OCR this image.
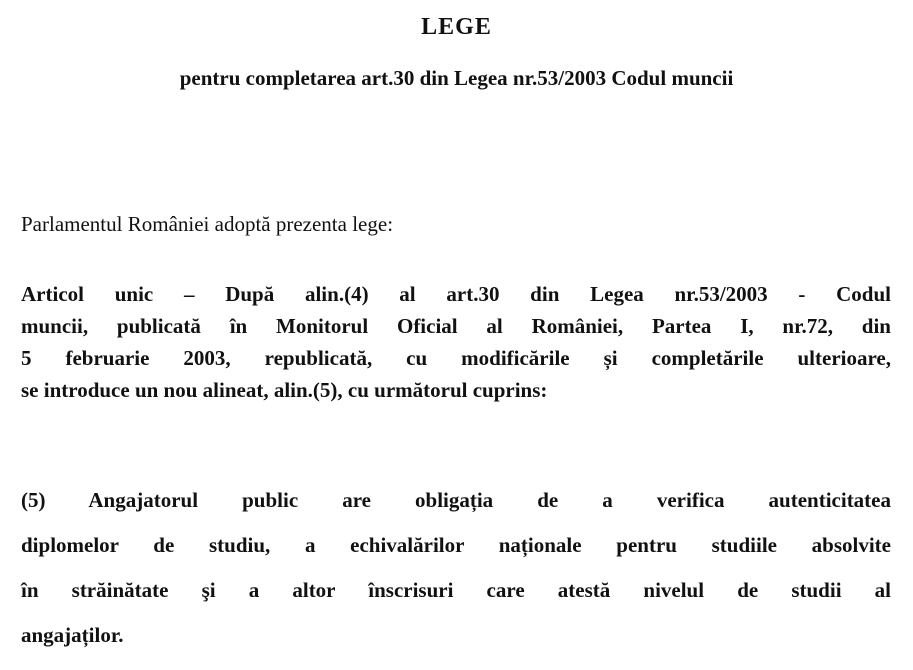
LEGE
pentru completarea art.30 din Legea nr.53/2003 Codul muncii
Parlamentul României adoptă prezenta lege:
Articol unic – După alin.(4) al art.30 din Legea nr.53/2003 - Codul
muncii, publicată în Monitorul Oficial al României, Partea I, nr.72, din
5 februarie 2003, republicată, cu modificările și completările ulterioare,
se introduce un nou alineat, alin.(5), cu următorul cuprins:
(5) Angajatorul public are obligația de a verifica autenticitatea
diplomelor de studiu, a echivalărilor naționale pentru studiile absolvite
în străinătate şi a altor înscrisuri care atestă nivelul de studii al
angajaților.
